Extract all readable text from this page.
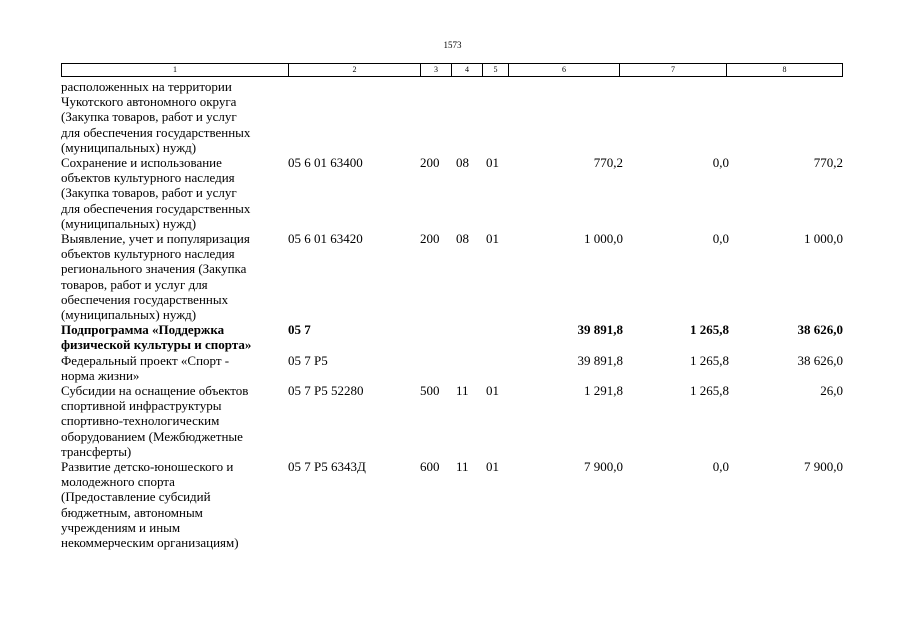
1573
1	2	3	4	5	6	7	8
расположенных на территории
Чукотского автономного округа
(Закупка товаров, работ и услуг
для обеспечения государственных
(муниципальных) нужд)
Сохранение и использование
объектов культурного наследия
(Закупка товаров, работ и услуг
для обеспечения государственных
(муниципальных) нужд)
05 6 01 63400	200 08 01	770,2	0,0	770,2
Выявление, учет и популяризация
объектов культурного наследия
регионального значения (Закупка
товаров, работ и услуг для
обеспечения государственных
(муниципальных) нужд)
05 6 01 63420	200 08 01	1 000,0	0,0	1 000,0
Подпрограмма «Поддержка
физической культуры и спорта»
05 7	39 891,8	1 265,8	38 626,0
Федеральный проект «Спорт -
норма жизни»
05 7 P5	39 891,8	1 265,8	38 626,0
Субсидии на оснащение объектов
спортивной инфраструктуры
спортивно-технологическим
оборудованием (Межбюджетные
трансферты)
05 7 P5 52280	500 11 01	1 291,8	1 265,8	26,0
Развитие детско-юношеского и
молодежного спорта
(Предоставление субсидий
бюджетным, автономным
учреждениям и иным
некоммерческим организациям)
05 7 P5 6343Д	600 11 01	7 900,0	0,0	7 900,0
